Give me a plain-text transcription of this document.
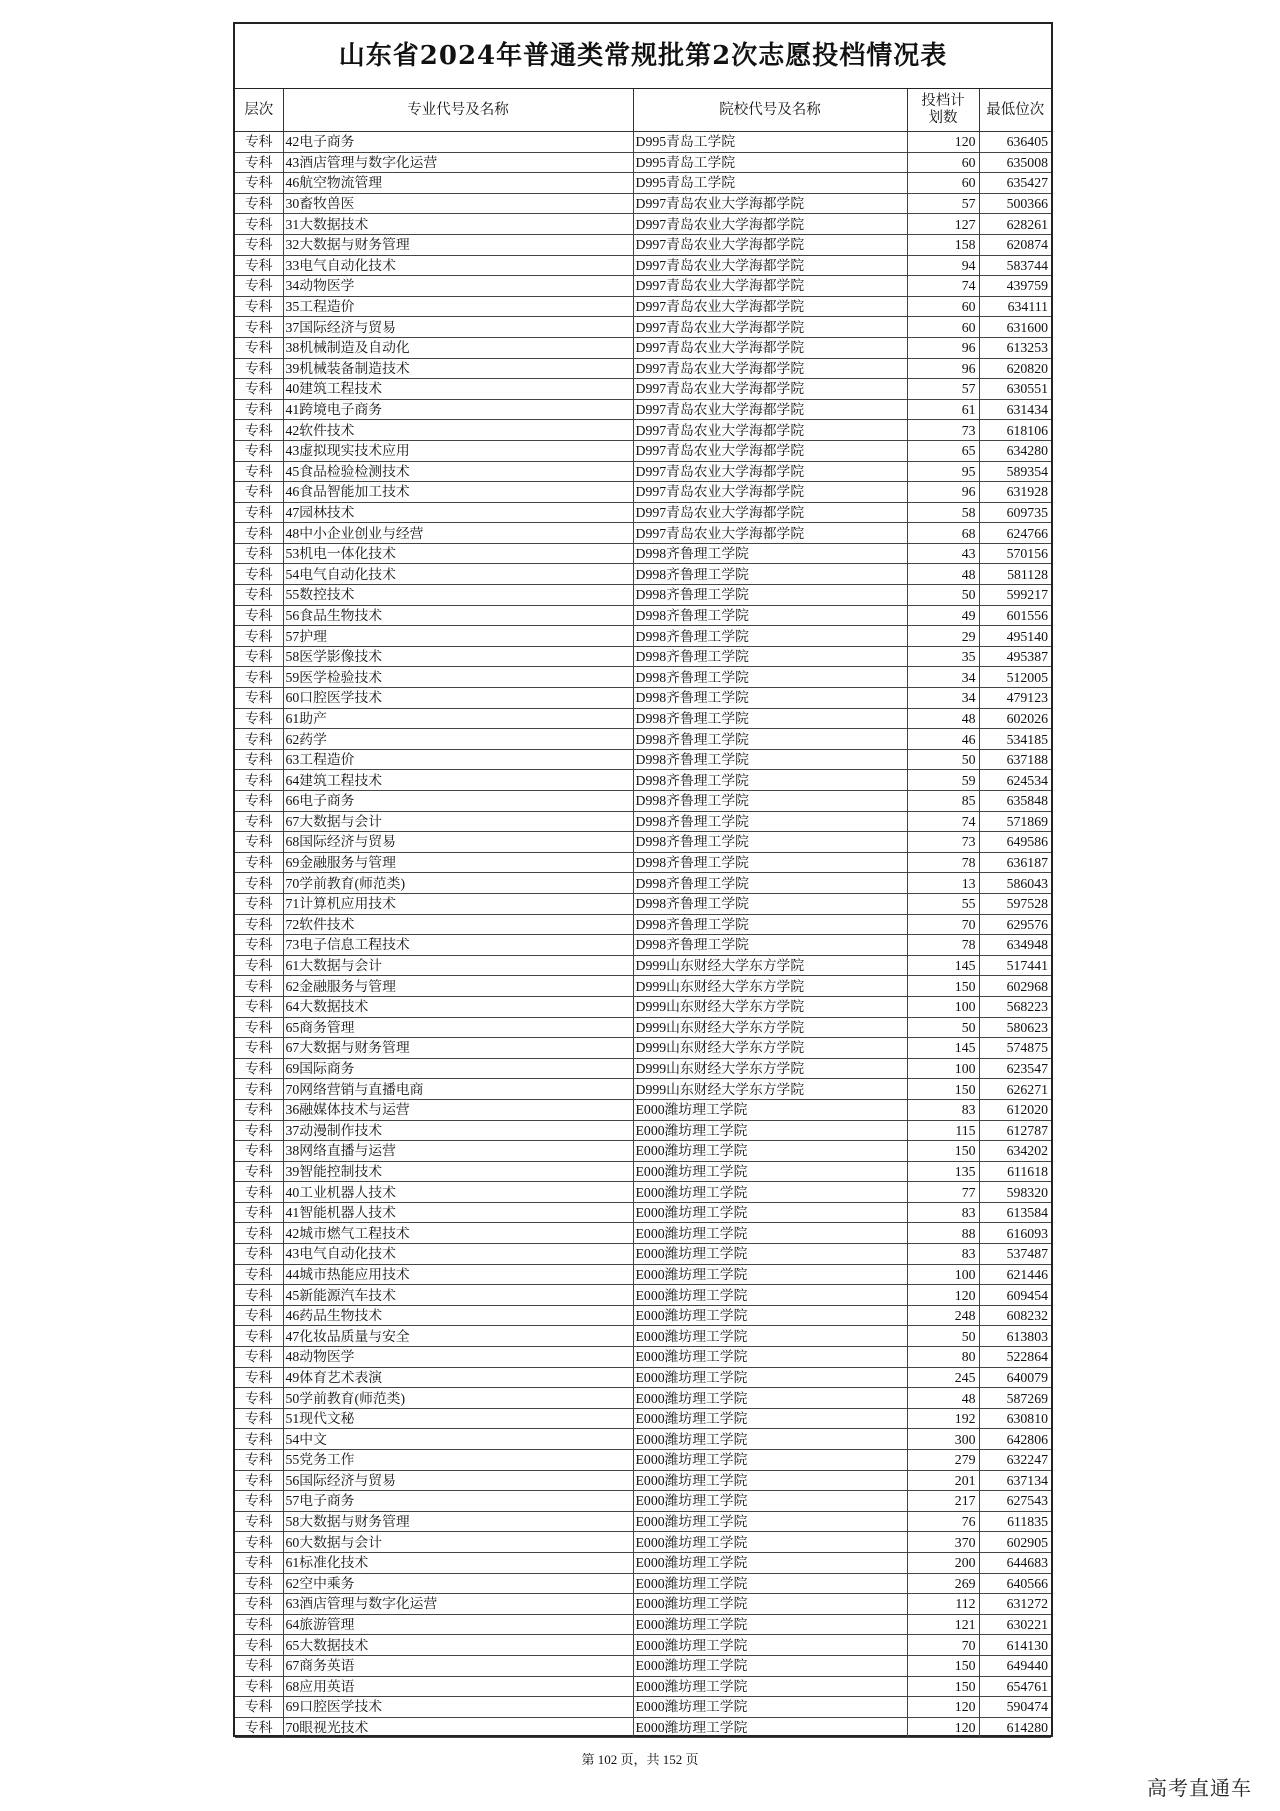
山东省2024年普通类常规批第2次志愿投档情况表
层次	专业代号及名称	院校代号及名称	投档计划数	最低位次
专科	42电子商务	D995青岛工学院	120	636405
专科	43酒店管理与数字化运营	D995青岛工学院	60	635008
专科	46航空物流管理	D995青岛工学院	60	635427
专科	30畜牧兽医	D997青岛农业大学海都学院	57	500366
专科	31大数据技术	D997青岛农业大学海都学院	127	628261
专科	32大数据与财务管理	D997青岛农业大学海都学院	158	620874
专科	33电气自动化技术	D997青岛农业大学海都学院	94	583744
专科	34动物医学	D997青岛农业大学海都学院	74	439759
专科	35工程造价	D997青岛农业大学海都学院	60	634111
专科	37国际经济与贸易	D997青岛农业大学海都学院	60	631600
专科	38机械制造及自动化	D997青岛农业大学海都学院	96	613253
专科	39机械装备制造技术	D997青岛农业大学海都学院	96	620820
专科	40建筑工程技术	D997青岛农业大学海都学院	57	630551
专科	41跨境电子商务	D997青岛农业大学海都学院	61	631434
专科	42软件技术	D997青岛农业大学海都学院	73	618106
专科	43虚拟现实技术应用	D997青岛农业大学海都学院	65	634280
专科	45食品检验检测技术	D997青岛农业大学海都学院	95	589354
专科	46食品智能加工技术	D997青岛农业大学海都学院	96	631928
专科	47园林技术	D997青岛农业大学海都学院	58	609735
专科	48中小企业创业与经营	D997青岛农业大学海都学院	68	624766
专科	53机电一体化技术	D998齐鲁理工学院	43	570156
专科	54电气自动化技术	D998齐鲁理工学院	48	581128
专科	55数控技术	D998齐鲁理工学院	50	599217
专科	56食品生物技术	D998齐鲁理工学院	49	601556
专科	57护理	D998齐鲁理工学院	29	495140
专科	58医学影像技术	D998齐鲁理工学院	35	495387
专科	59医学检验技术	D998齐鲁理工学院	34	512005
专科	60口腔医学技术	D998齐鲁理工学院	34	479123
专科	61助产	D998齐鲁理工学院	48	602026
专科	62药学	D998齐鲁理工学院	46	534185
专科	63工程造价	D998齐鲁理工学院	50	637188
专科	64建筑工程技术	D998齐鲁理工学院	59	624534
专科	66电子商务	D998齐鲁理工学院	85	635848
专科	67大数据与会计	D998齐鲁理工学院	74	571869
专科	68国际经济与贸易	D998齐鲁理工学院	73	649586
专科	69金融服务与管理	D998齐鲁理工学院	78	636187
专科	70学前教育(师范类)	D998齐鲁理工学院	13	586043
专科	71计算机应用技术	D998齐鲁理工学院	55	597528
专科	72软件技术	D998齐鲁理工学院	70	629576
专科	73电子信息工程技术	D998齐鲁理工学院	78	634948
专科	61大数据与会计	D999山东财经大学东方学院	145	517441
专科	62金融服务与管理	D999山东财经大学东方学院	150	602968
专科	64大数据技术	D999山东财经大学东方学院	100	568223
专科	65商务管理	D999山东财经大学东方学院	50	580623
专科	67大数据与财务管理	D999山东财经大学东方学院	145	574875
专科	69国际商务	D999山东财经大学东方学院	100	623547
专科	70网络营销与直播电商	D999山东财经大学东方学院	150	626271
专科	36融媒体技术与运营	E000潍坊理工学院	83	612020
专科	37动漫制作技术	E000潍坊理工学院	115	612787
专科	38网络直播与运营	E000潍坊理工学院	150	634202
专科	39智能控制技术	E000潍坊理工学院	135	611618
专科	40工业机器人技术	E000潍坊理工学院	77	598320
专科	41智能机器人技术	E000潍坊理工学院	83	613584
专科	42城市燃气工程技术	E000潍坊理工学院	88	616093
专科	43电气自动化技术	E000潍坊理工学院	83	537487
专科	44城市热能应用技术	E000潍坊理工学院	100	621446
专科	45新能源汽车技术	E000潍坊理工学院	120	609454
专科	46药品生物技术	E000潍坊理工学院	248	608232
专科	47化妆品质量与安全	E000潍坊理工学院	50	613803
专科	48动物医学	E000潍坊理工学院	80	522864
专科	49体育艺术表演	E000潍坊理工学院	245	640079
专科	50学前教育(师范类)	E000潍坊理工学院	48	587269
专科	51现代文秘	E000潍坊理工学院	192	630810
专科	54中文	E000潍坊理工学院	300	642806
专科	55党务工作	E000潍坊理工学院	279	632247
专科	56国际经济与贸易	E000潍坊理工学院	201	637134
专科	57电子商务	E000潍坊理工学院	217	627543
专科	58大数据与财务管理	E000潍坊理工学院	76	611835
专科	60大数据与会计	E000潍坊理工学院	370	602905
专科	61标准化技术	E000潍坊理工学院	200	644683
专科	62空中乘务	E000潍坊理工学院	269	640566
专科	63酒店管理与数字化运营	E000潍坊理工学院	112	631272
专科	64旅游管理	E000潍坊理工学院	121	630221
专科	65大数据技术	E000潍坊理工学院	70	614130
专科	67商务英语	E000潍坊理工学院	150	649440
专科	68应用英语	E000潍坊理工学院	150	654761
专科	69口腔医学技术	E000潍坊理工学院	120	590474
专科	70眼视光技术	E000潍坊理工学院	120	614280
第 102 页，共 152 页
高考直通车
